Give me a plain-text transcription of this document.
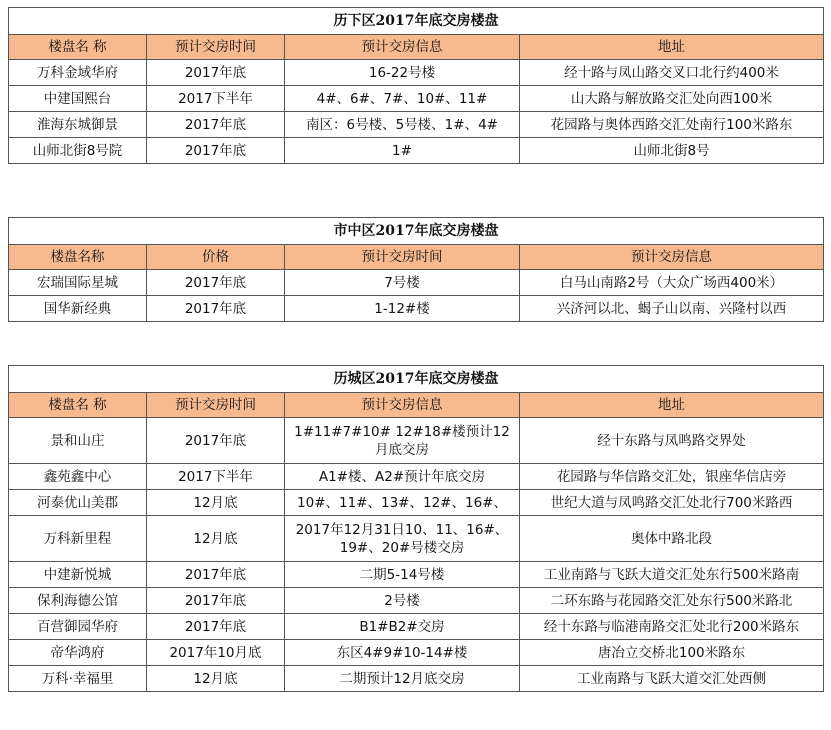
历下区2017年底交房楼盘			
楼盘名 称	预计交房时间	预计交房信息	地址
万科金域华府	2017年底	16-22号楼	经十路与凤山路交叉口北行约400米
中建国熙台	2017下半年	4#、6#、7#、10#、11#	山大路与解放路交汇处向西100米
淮海东城御景	2017年底	南区：6号楼、5号楼、1#、4#	花园路与奥体西路交汇处南行100米路东
山师北街8号院	2017年底	1#	山师北街8号
市中区2017年底交房楼盘			
楼盘名称	价格	预计交房时间	预计交房信息
宏瑞国际星城	2017年底	7号楼	白马山南路2号（大众广场西400米）
国华新经典	2017年底	1-12#楼	兴济河以北、蝎子山以南、兴隆村以西
历城区2017年底交房楼盘			
楼盘名 称	预计交房时间	预计交房信息	地址
景和山庄	2017年底	1#11#7#10# 12#18#楼预计12月底交房	经十东路与凤鸣路交界处
鑫苑鑫中心	2017下半年	A1#楼、A2#预计年底交房	花园路与华信路交汇处，银座华信店旁
河泰优山美郡	12月底	10#、11#、13#、12#、16#、	世纪大道与凤鸣路交汇处北行700米路西
万科新里程	12月底	2017年12月31日10、11、16#、19#、20#号楼交房	奥体中路北段
中建新悦城	2017年底	二期5-14号楼	工业南路与飞跃大道交汇处东行500米路南
保利海德公馆	2017年底	2号楼	二环东路与花园路交汇处东行500米路北
百营御园华府	2017年底	B1#B2#交房	经十东路与临港南路交汇处北行200米路东
帝华鸿府	2017年10月底	东区4#9#10-14#楼	唐冶立交桥北100米路东
万科·幸福里	12月底	二期预计12月底交房	工业南路与飞跃大道交汇处西侧
